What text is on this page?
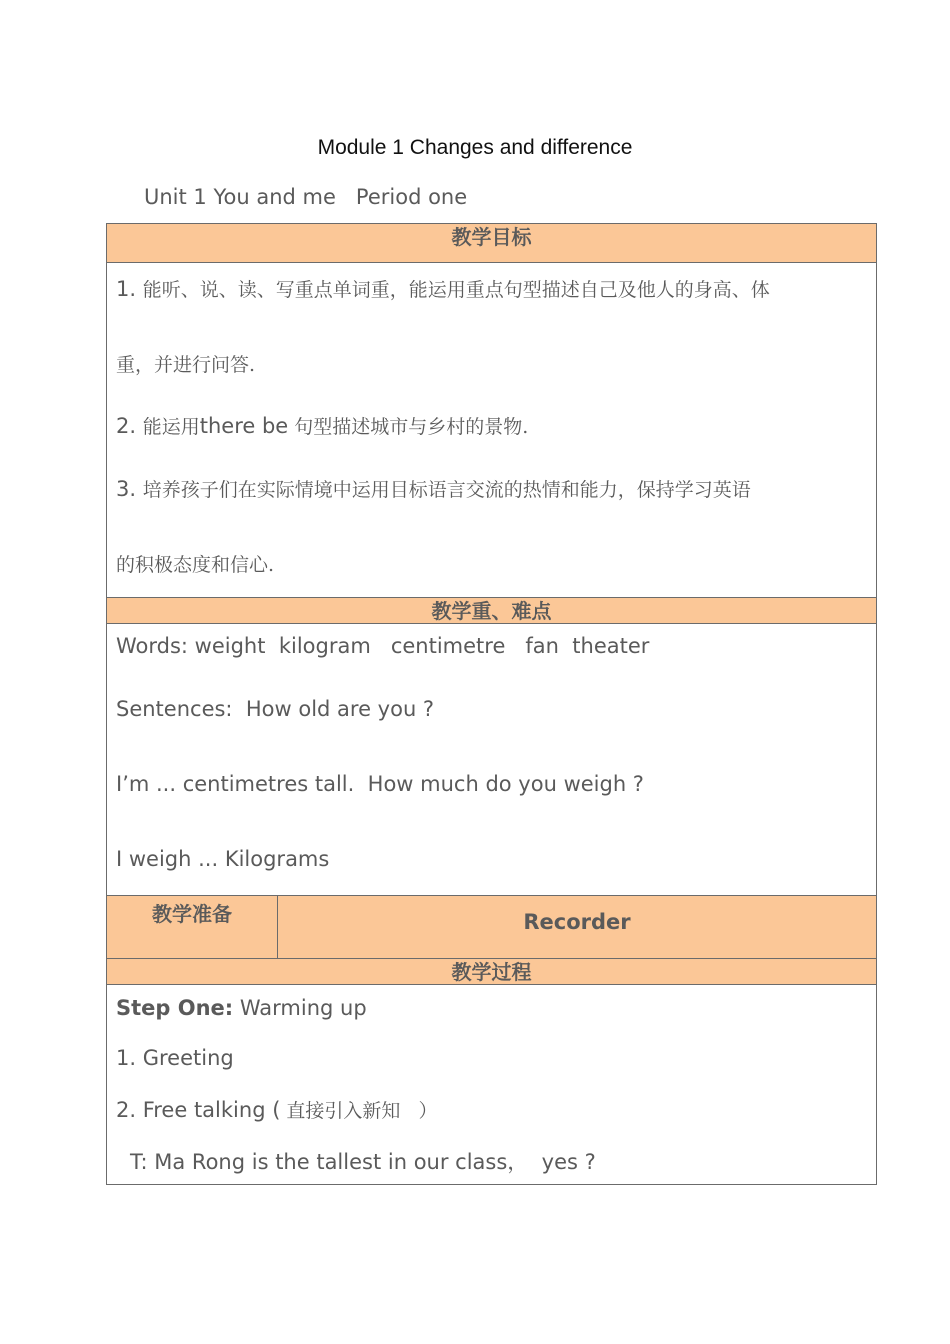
Module 1 Changes and difference
Unit 1 You and me   Period one
教学目标
1. 能听、说、读、写重点单词重，能运用重点句型描述自己及他人的身高、体
重，并进行问答.
2. 能运用there be 句型描述城市与乡村的景物.
3. 培养孩子们在实际情境中运用目标语言交流的热情和能力，保持学习英语
的积极态度和信心.
教学重、难点
Words: weight  kilogram   centimetre   fan  theater
Sentences:  How old are you ?
I’m ... centimetres tall.  How much do you weigh ?
I weigh ... Kilograms
教学准备	Recorder
教学过程
Step One: Warming up
1. Greeting
2. Free talking ( 直接引入新知   ）
T: Ma Rong is the tallest in our class，  yes ?
